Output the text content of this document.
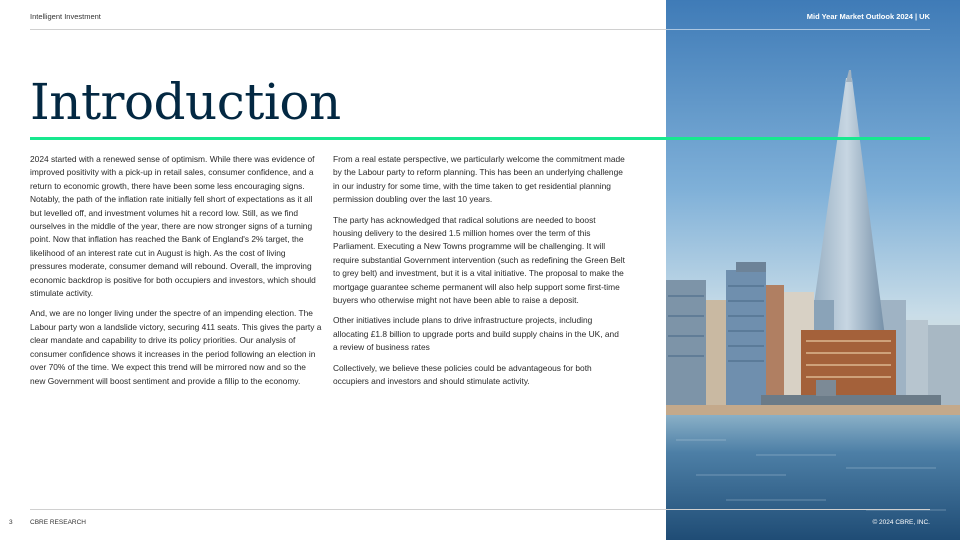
Intelligent Investment	Mid Year Market Outlook 2024 | UK
Introduction

2024 started with a renewed sense of optimism. While there was evidence of improved positivity with a pick-up in retail sales, consumer confidence, and a return to economic growth, there have been some less encouraging signs. Notably, the path of the inflation rate initially fell short of expectations as it all but levelled off, and investment volumes hit a record low. Still, as we find ourselves in the middle of the year, there are now stronger signs of a turning point. Now that inflation has reached the Bank of England's 2% target, the likelihood of an interest rate cut in August is high. As the cost of living pressures moderate, consumer demand will rebound. Overall, the improving economic backdrop is positive for both occupiers and investors, which should stimulate activity.

And, we are no longer living under the spectre of an impending election. The Labour party won a landslide victory, securing 411 seats. This gives the party a clear mandate and capability to drive its policy priorities. Our analysis of consumer confidence shows it increases in the period following an election in over 70% of the time. We expect this trend will be mirrored now and so the new Government will boost sentiment and provide a fillip to the economy.

From a real estate perspective, we particularly welcome the commitment made by the Labour party to reform planning. This has been an underlying challenge in our industry for some time, with the time taken to get residential planning permission doubling over the last 10 years.

The party has acknowledged that radical solutions are needed to boost housing delivery to the desired 1.5 million homes over the term of this Parliament. Executing a New Towns programme will be challenging. It will require substantial Government intervention (such as redefining the Green Belt to grey belt) and investment, but it is a vital initiative. The proposal to make the mortgage guarantee scheme permanent will also help support some first-time buyers who otherwise might not have been able to raise a deposit.

Other initiatives include plans to drive infrastructure projects, including allocating £1.8 billion to upgrade ports and build supply chains in the UK, and a review of business rates

Collectively, we believe these policies could be advantageous for both occupiers and investors and should stimulate activity.

3	CBRE RESEARCH	© 2024 CBRE, INC.
